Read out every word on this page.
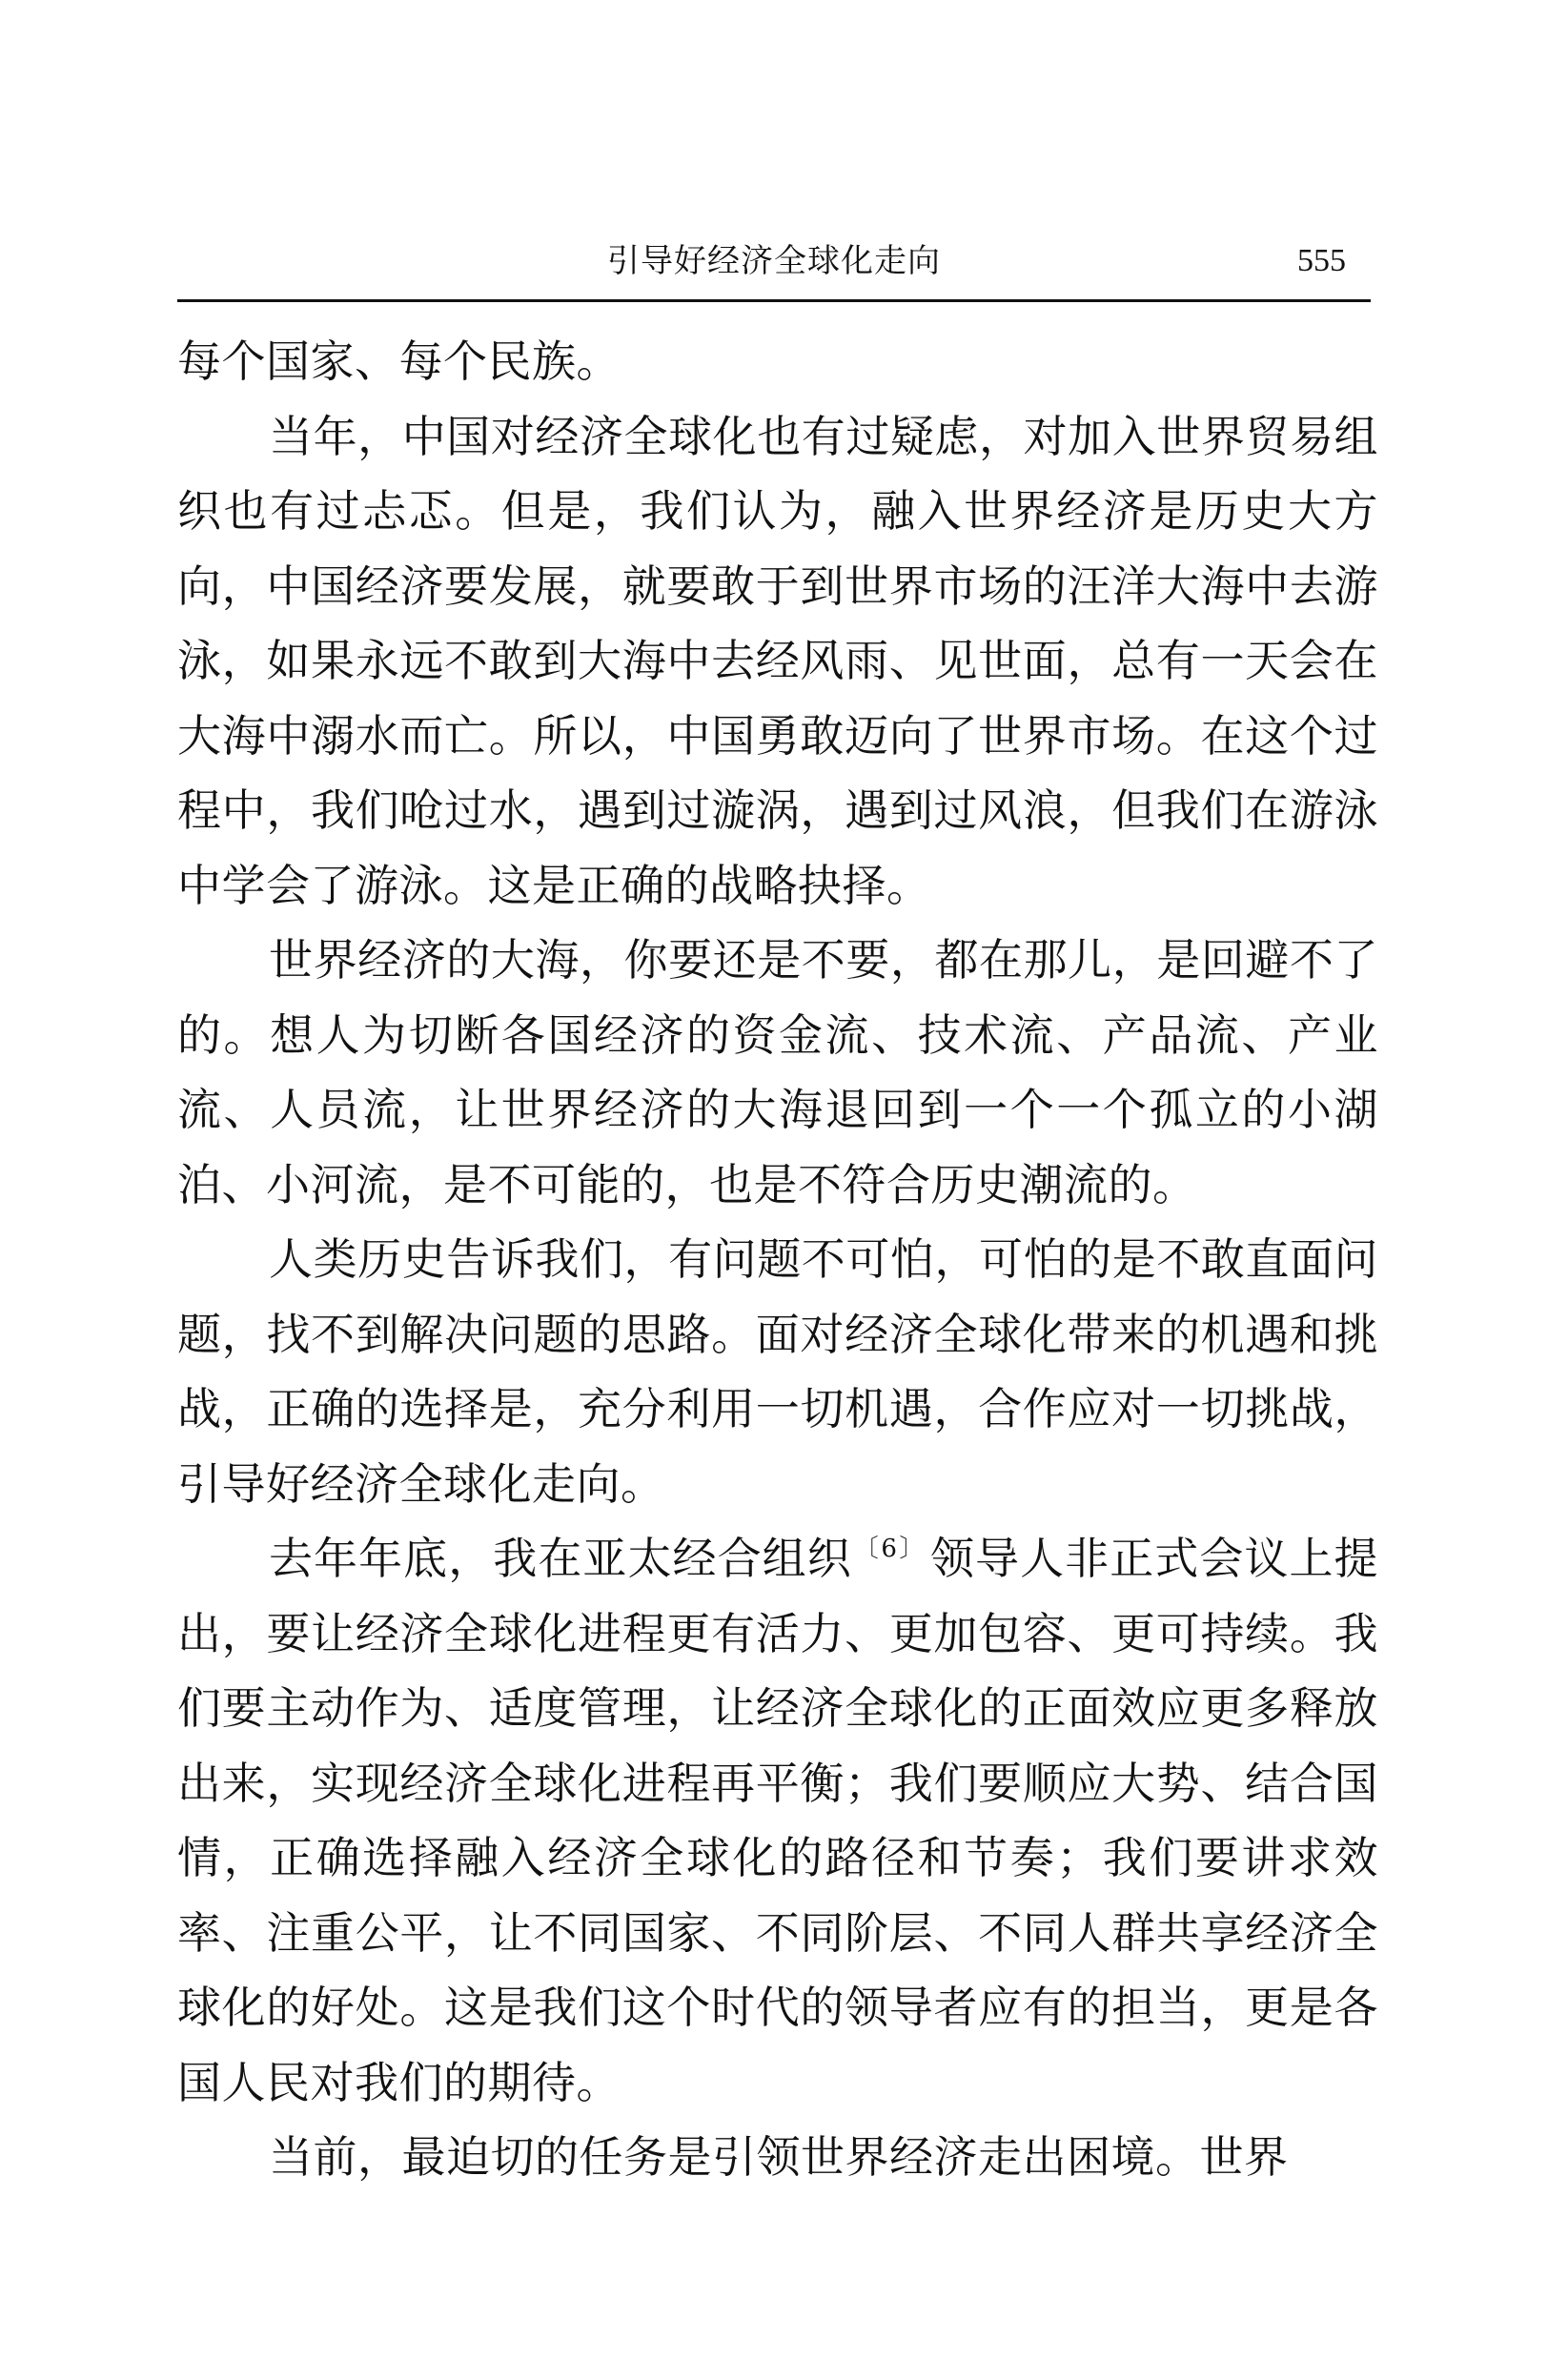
引导好经济全球化走向	555

每个国家、每个民族。

当年，中国对经济全球化也有过疑虑，对加入世界贸易组织也有过忐忑。但是，我们认为，融入世界经济是历史大方向，中国经济要发展，就要敢于到世界市场的汪洋大海中去游泳，如果永远不敢到大海中去经风雨、见世面，总有一天会在大海中溺水而亡。所以，中国勇敢迈向了世界市场。在这个过程中，我们呛过水，遇到过漩涡，遇到过风浪，但我们在游泳中学会了游泳。这是正确的战略抉择。

世界经济的大海，你要还是不要，都在那儿，是回避不了的。想人为切断各国经济的资金流、技术流、产品流、产业流、人员流，让世界经济的大海退回到一个一个孤立的小湖泊、小河流，是不可能的，也是不符合历史潮流的。

人类历史告诉我们，有问题不可怕，可怕的是不敢直面问题，找不到解决问题的思路。面对经济全球化带来的机遇和挑战，正确的选择是，充分利用一切机遇，合作应对一切挑战，引导好经济全球化走向。

去年年底，我在亚太经合组织$^{〔6〕}$领导人非正式会议上提出，要让经济全球化进程更有活力、更加包容、更可持续。我们要主动作为、适度管理，让经济全球化的正面效应更多释放出来，实现经济全球化进程再平衡；我们要顺应大势、结合国情，正确选择融入经济全球化的路径和节奏；我们要讲求效率、注重公平，让不同国家、不同阶层、不同人群共享经济全球化的好处。这是我们这个时代的领导者应有的担当，更是各国人民对我们的期待。

当前，最迫切的任务是引领世界经济走出困境。世界
